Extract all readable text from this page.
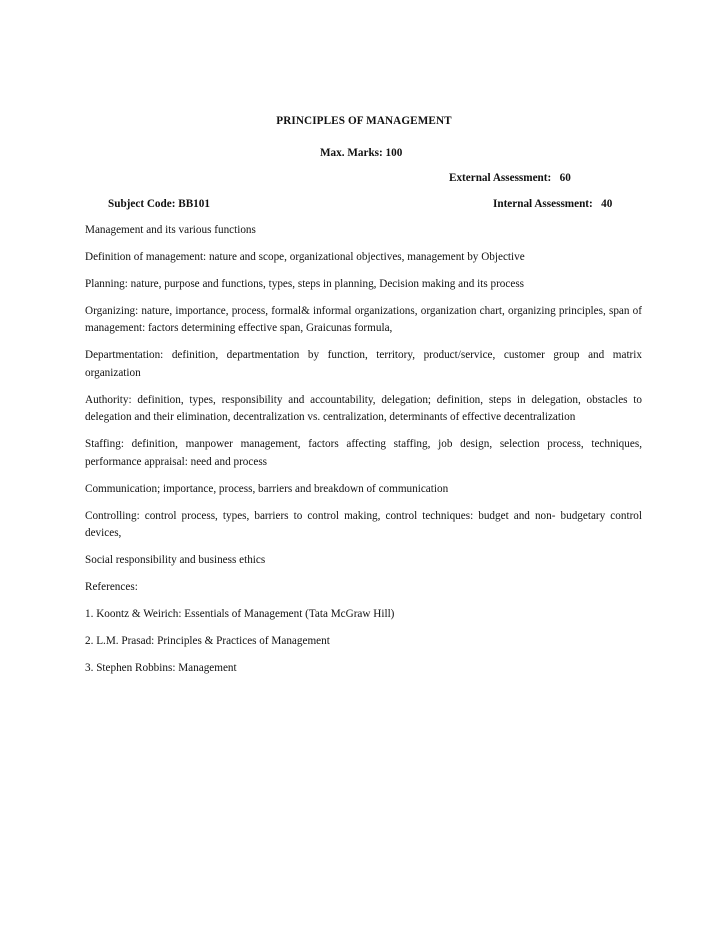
PRINCIPLES OF MANAGEMENT
Max. Marks: 100
External Assessment:   60
Subject Code: BB101	Internal Assessment:   40

Management and its various functions

Definition of management: nature and scope, organizational objectives, management by Objective

Planning: nature, purpose and functions, types, steps in planning, Decision making and its process

Organizing: nature, importance, process, formal& informal organizations, organization chart, organizing principles, span of management: factors determining effective span, Graicunas formula,

Departmentation: definition, departmentation by function, territory, product/service, customer group and matrix organization

Authority: definition, types, responsibility and accountability, delegation; definition, steps in delegation, obstacles to delegation and their elimination, decentralization vs. centralization, determinants of effective decentralization

Staffing: definition, manpower management, factors affecting staffing, job design, selection process, techniques, performance appraisal: need and process

Communication; importance, process, barriers and breakdown of communication

Controlling: control process, types, barriers to control making, control techniques: budget and non- budgetary control devices,

Social responsibility and business ethics

References:

1. Koontz & Weirich: Essentials of Management (Tata McGraw Hill)

2. L.M. Prasad: Principles & Practices of Management

3. Stephen Robbins: Management
